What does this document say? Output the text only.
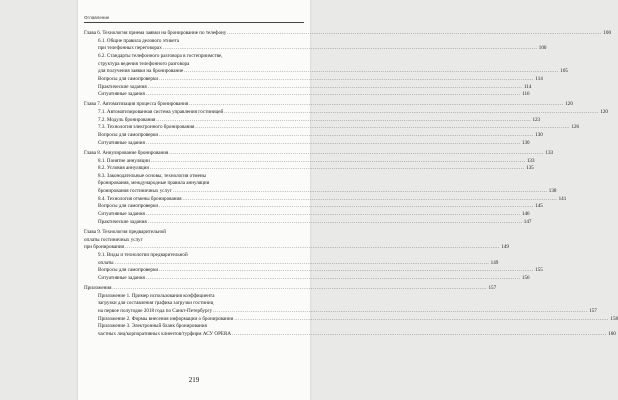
Оглавление
Глава 6. Технология приема заявки на бронирование по телефону .....	100
6.1. Общие правила делового этикета
при телефонных переговорах .....	100
6.2. Стандарты телефонного разговора в гостеприимстве,
структура ведения телефонного разговора
для получения заявки на бронирование .....	105
Вопросы для самопроверки .....	114
Практические задания .....	114
Ситуативные задания .....	116
Глава 7. Автоматизация процесса бронирования .....	120
7.1. Автоматизированная система управления гостиницей .....	120
7.2. Модуль бронирования .....	123
7.3. Технология электронного бронирования .....	126
Вопросы для самопроверки .....	130
Ситуативные задания .....	130
Глава 8. Аннулирование бронирования .....	133
8.1. Понятие аннуляции .....	133
8.2. Условия аннуляции .....	135
8.3. Законодательные основы, технология отмены
бронирования, международные правила аннуляции
бронирования гостиничных услуг .....	138
8.4. Технология отмены бронирования .....	141
Вопросы для самопроверки .....	145
Ситуативные задания .....	146
Практические задания .....	147
Глава 9. Технология предварительной
оплаты гостиничных услуг
при бронировании .....	149
9.1. Виды и технологии предварительной
оплаты .....	149
Вопросы для самопроверки .....	155
Ситуативные задания .....	156
Приложения .....	157
Приложение 1. Пример использования коэффициента
загрузки для составления графика загрузки гостиниц
на первое полугодие 2018 года по Санкт-Петербургу .....	157
Приложение 2. Формы внесения информации о бронировании .....	158
Приложение 3. Электронный бланк бронирования
частных лиц/корпоративных клиентов/турфирм АСУ OPERA .....	160
219
